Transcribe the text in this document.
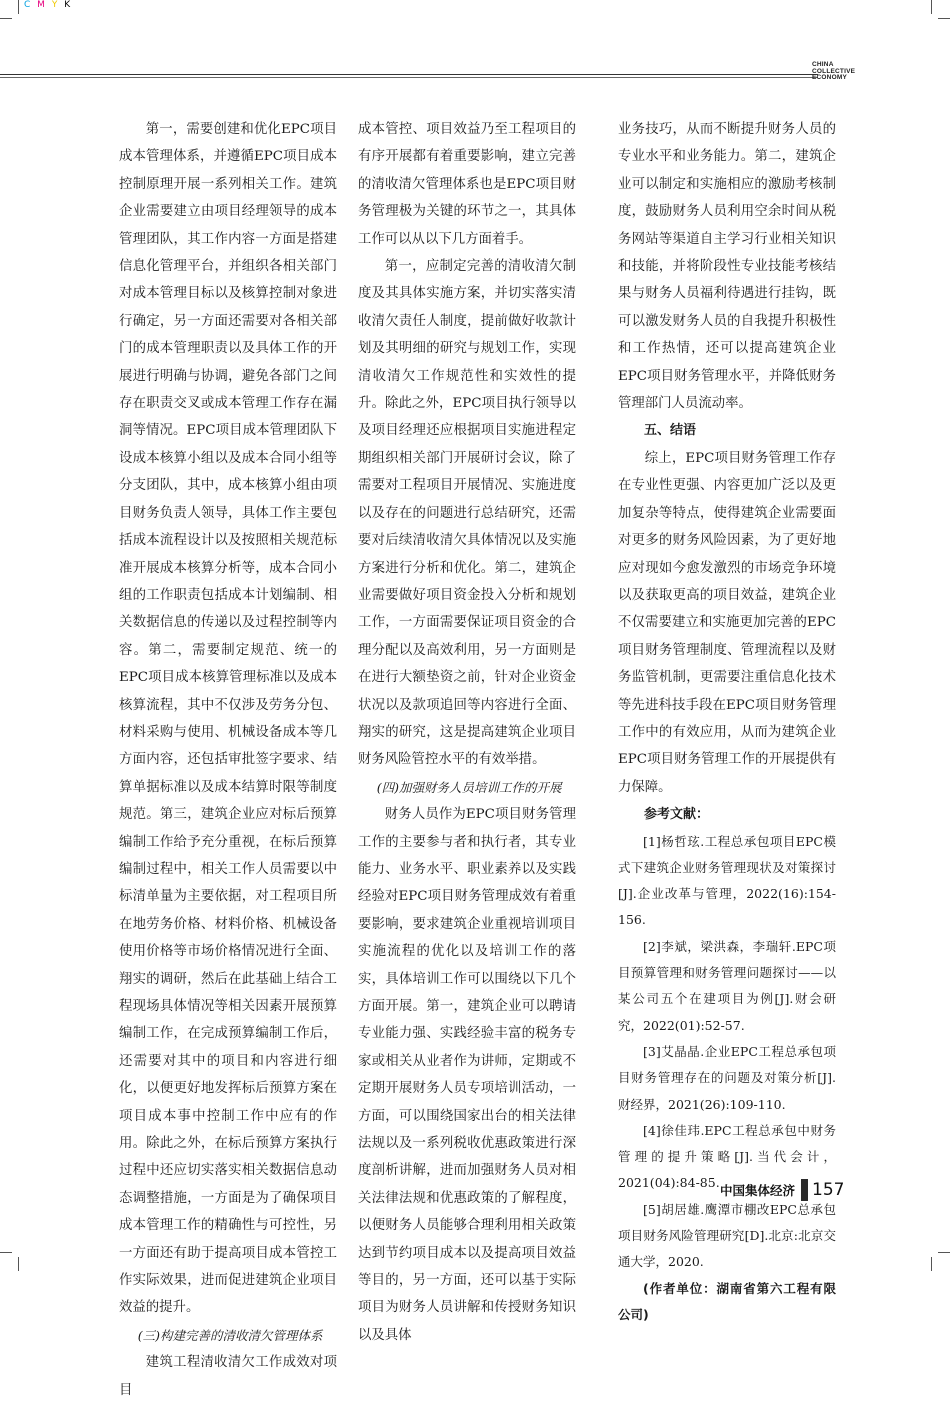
C M Y K
CHINA
COLLECTIVE
ECONOMY

第一，需要创建和优化EPC项目成本管理体系，并遵循EPC项目成本控制原理开展一系列相关工作。建筑企业需要建立由项目经理领导的成本管理团队，其工作内容一方面是搭建信息化管理平台，并组织各相关部门对成本管理目标以及核算控制对象进行确定，另一方面还需要对各相关部门的成本管理职责以及具体工作的开展进行明确与协调，避免各部门之间存在职责交叉或成本管理工作存在漏洞等情况。EPC项目成本管理团队下设成本核算小组以及成本合同小组等分支团队，其中，成本核算小组由项目财务负责人领导，具体工作主要包括成本流程设计以及按照相关规范标准开展成本核算分析等，成本合同小组的工作职责包括成本计划编制、相关数据信息的传递以及过程控制等内容。第二，需要制定规范、统一的EPC项目成本核算管理标准以及成本核算流程，其中不仅涉及劳务分包、材料采购与使用、机械设备成本等几方面内容，还包括审批签字要求、结算单据标准以及成本结算时限等制度规范。第三，建筑企业应对标后预算编制工作给予充分重视，在标后预算编制过程中，相关工作人员需要以中标清单量为主要依据，对工程项目所在地劳务价格、材料价格、机械设备使用价格等市场价格情况进行全面、翔实的调研，然后在此基础上结合工程现场具体情况等相关因素开展预算编制工作，在完成预算编制工作后，还需要对其中的项目和内容进行细化，以便更好地发挥标后预算方案在项目成本事中控制工作中应有的作用。除此之外，在标后预算方案执行过程中还应切实落实相关数据信息动态调整措施，一方面是为了确保项目成本管理工作的精确性与可控性，另一方面还有助于提高项目成本管控工作实际效果，进而促进建筑企业项目效益的提升。

(三)构建完善的清收清欠管理体系

建筑工程清收清欠工作成效对项目

成本管控、项目效益乃至工程项目的有序开展都有着重要影响，建立完善的清收清欠管理体系也是EPC项目财务管理极为关键的环节之一，其具体工作可以从以下几方面着手。

第一，应制定完善的清收清欠制度及其具体实施方案，并切实落实清收清欠责任人制度，提前做好收款计划及其明细的研究与规划工作，实现清收清欠工作规范性和实效性的提升。除此之外，EPC项目执行领导以及项目经理还应根据项目实施进程定期组织相关部门开展研讨会议，除了需要对工程项目开展情况、实施进度以及存在的问题进行总结研究，还需要对后续清收清欠具体情况以及实施方案进行分析和优化。第二，建筑企业需要做好项目资金投入分析和规划工作，一方面需要保证项目资金的合理分配以及高效利用，另一方面则是在进行大额垫资之前，针对企业资金状况以及款项追回等内容进行全面、翔实的研究，这是提高建筑企业项目财务风险管控水平的有效举措。

(四)加强财务人员培训工作的开展

财务人员作为EPC项目财务管理工作的主要参与者和执行者，其专业能力、业务水平、职业素养以及实践经验对EPC项目财务管理成效有着重要影响，要求建筑企业重视培训项目实施流程的优化以及培训工作的落实，具体培训工作可以围绕以下几个方面开展。第一，建筑企业可以聘请专业能力强、实践经验丰富的税务专家或相关从业者作为讲师，定期或不定期开展财务人员专项培训活动，一方面，可以围绕国家出台的相关法律法规以及一系列税收优惠政策进行深度剖析讲解，进而加强财务人员对相关法律法规和优惠政策的了解程度，以便财务人员能够合理利用相关政策达到节约项目成本以及提高项目效益等目的，另一方面，还可以基于实际项目为财务人员讲解和传授财务知识以及具体

业务技巧，从而不断提升财务人员的专业水平和业务能力。第二，建筑企业可以制定和实施相应的激励考核制度，鼓励财务人员利用空余时间从税务网站等渠道自主学习行业相关知识和技能，并将阶段性专业技能考核结果与财务人员福利待遇进行挂钩，既可以激发财务人员的自我提升积极性和工作热情，还可以提高建筑企业EPC项目财务管理水平，并降低财务管理部门人员流动率。

五、结语

综上，EPC项目财务管理工作存在专业性更强、内容更加广泛以及更加复杂等特点，使得建筑企业需要面对更多的财务风险因素，为了更好地应对现如今愈发激烈的市场竞争环境以及获取更高的项目效益，建筑企业不仅需要建立和实施更加完善的EPC项目财务管理制度、管理流程以及财务监管机制，更需要注重信息化技术等先进科技手段在EPC项目财务管理工作中的有效应用，从而为建筑企业EPC项目财务管理工作的开展提供有力保障。

参考文献：

[1]杨哲玹.工程总承包项目EPC模式下建筑企业财务管理现状及对策探讨[J].企业改革与管理，2022(16):154-156.

[2]李斌，梁洪森，李瑞轩.EPC项目预算管理和财务管理问题探讨——以某公司五个在建项目为例[J].财会研究，2022(01):52-57.

[3]艾晶晶.企业EPC工程总承包项目财务管理存在的问题及对策分析[J].财经界，2021(26):109-110.

[4]徐佳玮.EPC工程总承包中财务管理的提升策略[J].当代会计，2021(04):84-85.

[5]胡居雄.鹰潭市棚改EPC总承包项目财务风险管理研究[D].北京:北京交通大学，2020.

(作者单位：湖南省第六工程有限公司)

中国集体经济 157
